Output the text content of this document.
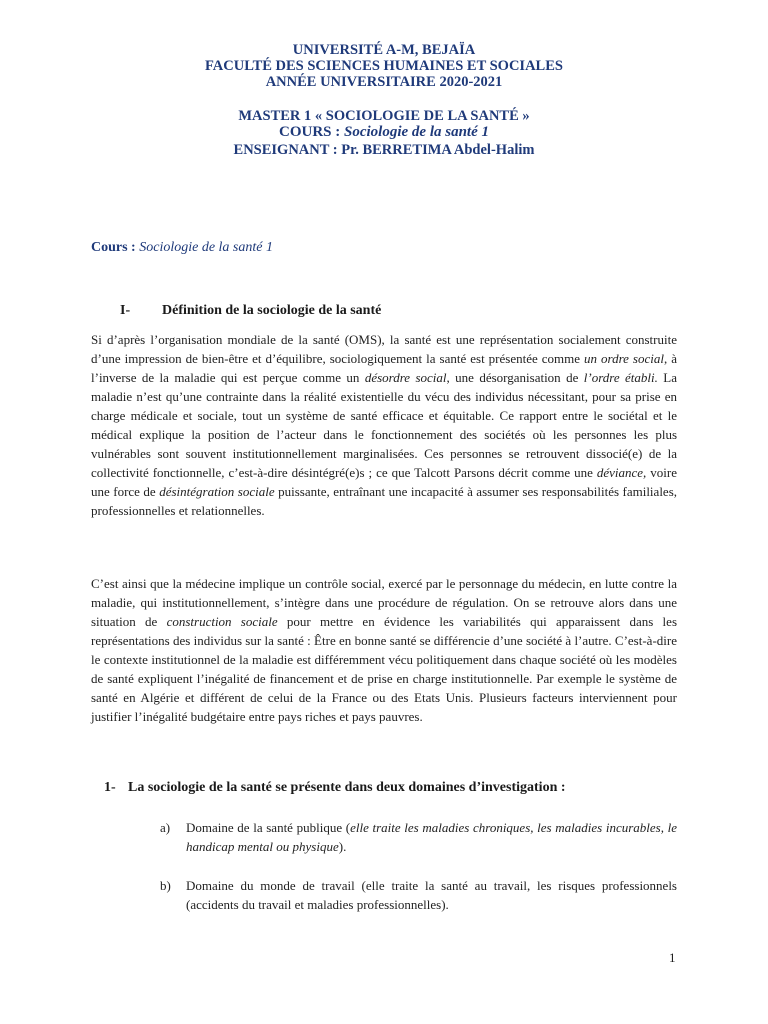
UNIVERSITÉ A-M, BEJAÏA
FACULTÉ DES SCIENCES HUMAINES ET SOCIALES
ANNÉE UNIVERSITAIRE 2020-2021
MASTER 1 « SOCIOLOGIE DE LA SANTÉ »
COURS : Sociologie de la santé 1
ENSEIGNANT : Pr. BERRETIMA Abdel-Halim
Cours : Sociologie de la santé 1
I- Définition de la sociologie de la santé
Si d’après l’organisation mondiale de la santé (OMS), la santé est une représentation socialement construite d’une impression de bien-être et d’équilibre, sociologiquement la santé est présentée comme un ordre social, à l’inverse de la maladie qui est perçue comme un désordre social, une désorganisation de l’ordre établi. La maladie n’est qu’une contrainte dans la réalité existentielle du vécu des individus nécessitant, pour sa prise en charge médicale et sociale, tout un système de santé efficace et équitable. Ce rapport entre le sociétal et le médical explique la position de l’acteur dans le fonctionnement des sociétés où les personnes les plus vulnérables sont souvent institutionnellement marginalisées. Ces personnes se retrouvent dissocié(e) de la collectivité fonctionnelle, c’est-à-dire désintégré(e)s ; ce que Talcott Parsons décrit comme une déviance, voire une force de désintégration sociale puissante, entraînant une incapacité à assumer ses responsabilités familiales, professionnelles et relationnelles.
C’est ainsi que la médecine implique un contrôle social, exercé par le personnage du médecin, en lutte contre la maladie, qui institutionnellement, s’intègre dans une procédure de régulation. On se retrouve alors dans une situation de construction sociale pour mettre en évidence les variabilités qui apparaissent dans les représentations des individus sur la santé : Être en bonne santé se différencie d’une société à l’autre. C’est-à-dire le contexte institutionnel de la maladie est différemment vécu politiquement dans chaque société où les modèles de santé expliquent l’inégalité de financement et de prise en charge institutionnelle. Par exemple le système de santé en Algérie et différent de celui de la France ou des Etats Unis. Plusieurs facteurs interviennent pour justifier l’inégalité budgétaire entre pays riches et pays pauvres.
1- La sociologie de la santé se présente dans deux domaines d’investigation :
a) Domaine de la santé publique (elle traite les maladies chroniques, les maladies incurables, le handicap mental ou physique).
b) Domaine du monde de travail (elle traite la santé au travail, les risques professionnels (accidents du travail et maladies professionnelles).
1
